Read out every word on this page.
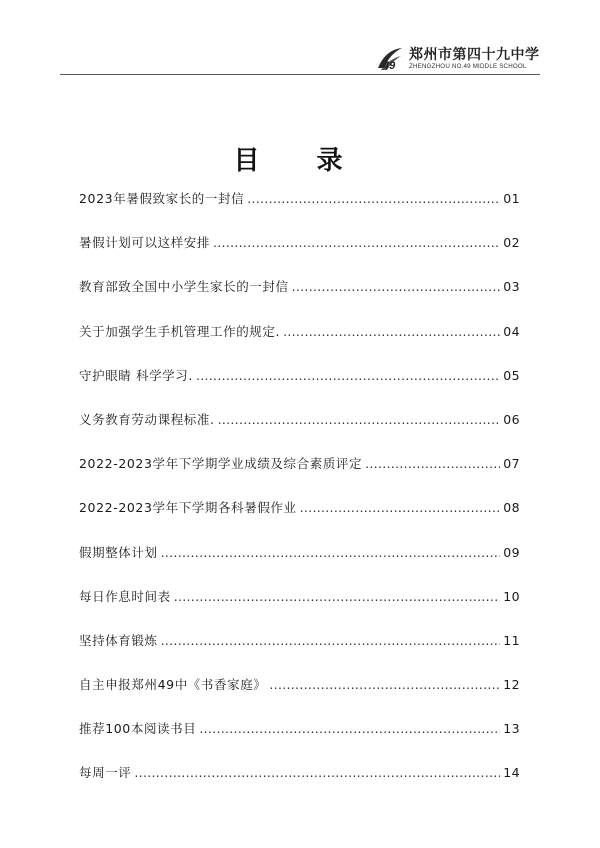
49
郑州市第四十九中学
ZHENGZHOU NO.49 MIDDLE SCHOOL
目 录
2023年暑假致家长的一封信 .....	01
暑假计划可以这样安排 .....	02
教育部致全国中小学生家长的一封信 .....	03
关于加强学生手机管理工作的规定. .....	04
守护眼睛 科学学习. .....	05
义务教育劳动课程标准. .....	06
2022-2023学年下学期学业成绩及综合素质评定 .....	07
2022-2023学年下学期各科暑假作业 .....	08
假期整体计划 .....	09
每日作息时间表 .....	10
坚持体育锻炼 .....	11
自主申报郑州49中《书香家庭》 .....	12
推荐100本阅读书目 .....	13
每周一评 .....	14
